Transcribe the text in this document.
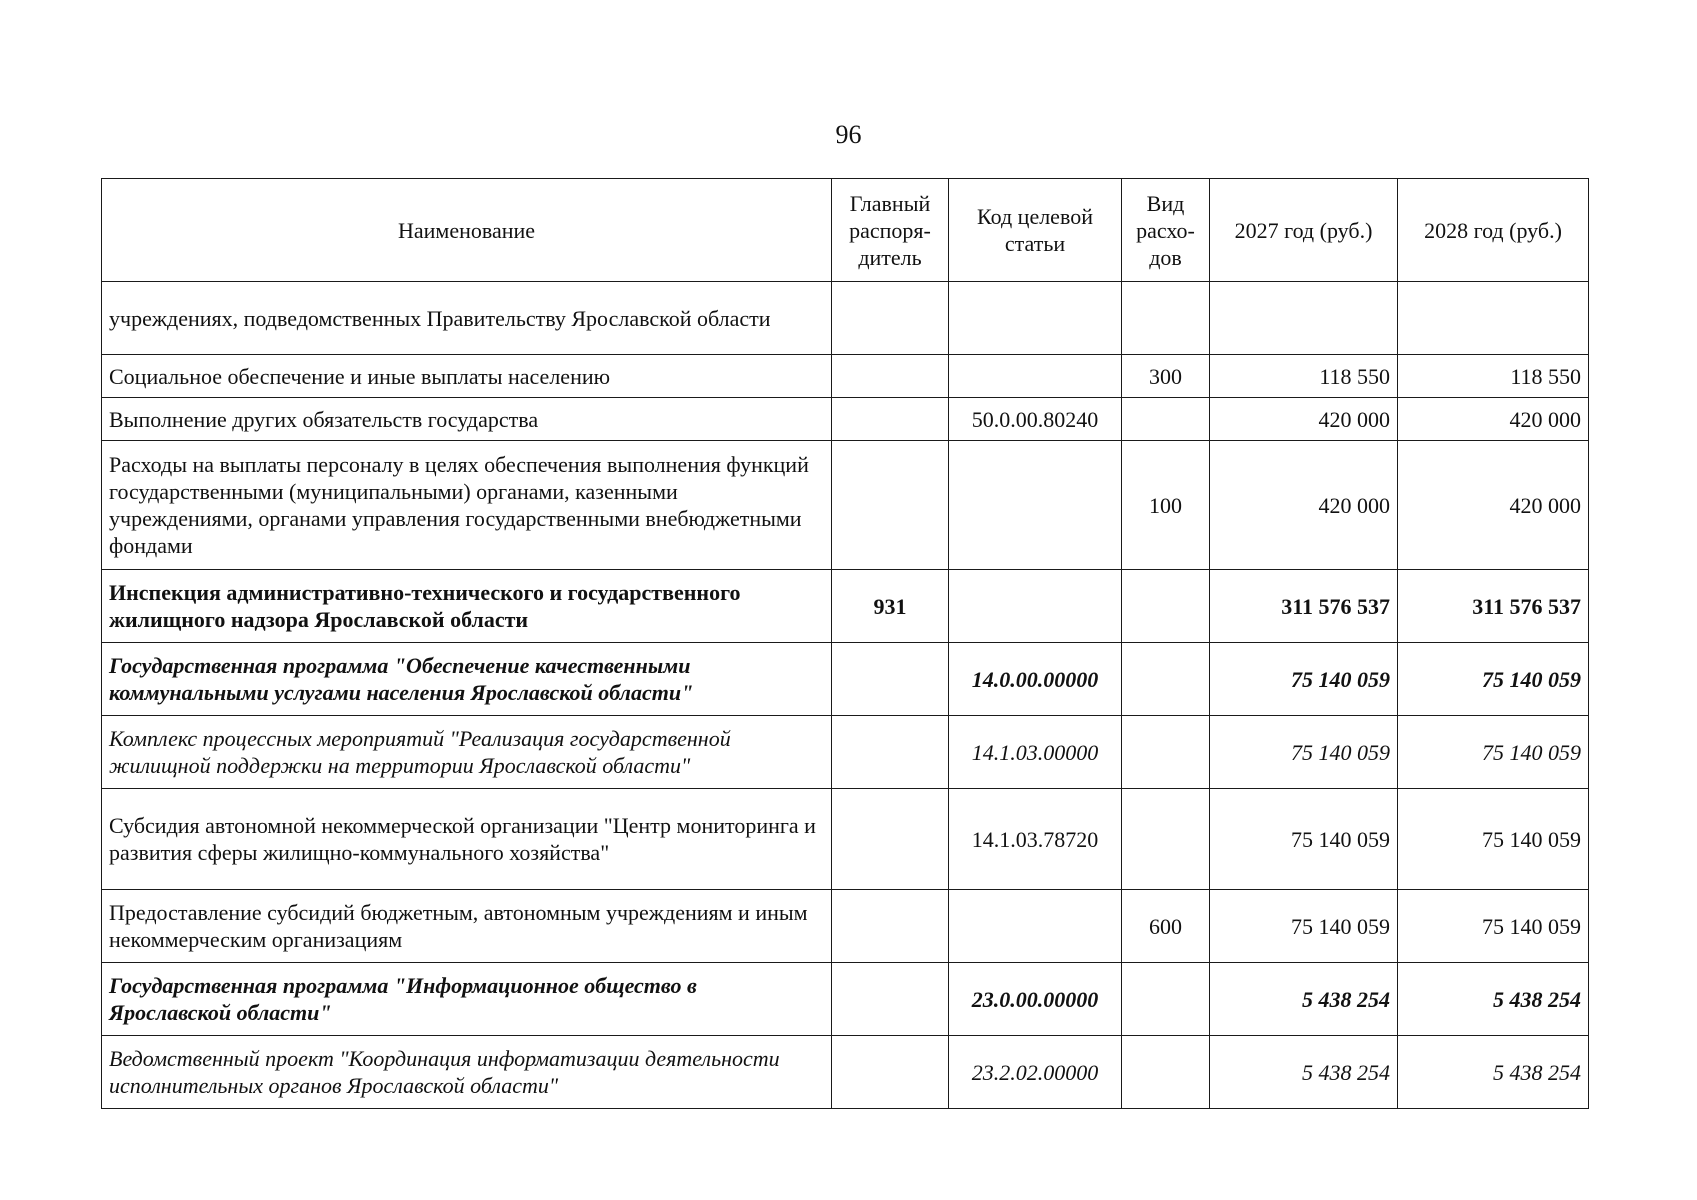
96
Наименование	Главный распоря-дитель	Код целевой статьи	Вид расхо-дов	2027 год (руб.)	2028 год (руб.)
учреждениях, подведомственных Правительству Ярославской области					
Социальное обеспечение и иные выплаты населению			300	118 550	118 550
Выполнение других обязательств государства		50.0.00.80240		420 000	420 000
Расходы на выплаты персоналу в целях обеспечения выполнения функций государственными (муниципальными) органами, казенными учреждениями, органами управления государственными внебюджетными фондами			100	420 000	420 000
Инспекция административно-технического и государственного жилищного надзора Ярославской области	931			311 576 537	311 576 537
Государственная программа "Обеспечение качественными коммунальными услугами населения Ярославской области"		14.0.00.00000		75 140 059	75 140 059
Комплекс процессных мероприятий "Реализация государственной жилищной поддержки на территории Ярославской области"		14.1.03.00000		75 140 059	75 140 059
Субсидия автономной некоммерческой организации "Центр мониторинга и развития сферы жилищно-коммунального хозяйства"		14.1.03.78720		75 140 059	75 140 059
Предоставление субсидий бюджетным, автономным учреждениям и иным некоммерческим организациям			600	75 140 059	75 140 059
Государственная программа "Информационное общество в Ярославской области"		23.0.00.00000		5 438 254	5 438 254
Ведомственный проект "Координация информатизации деятельности исполнительных органов Ярославской области"		23.2.02.00000		5 438 254	5 438 254
